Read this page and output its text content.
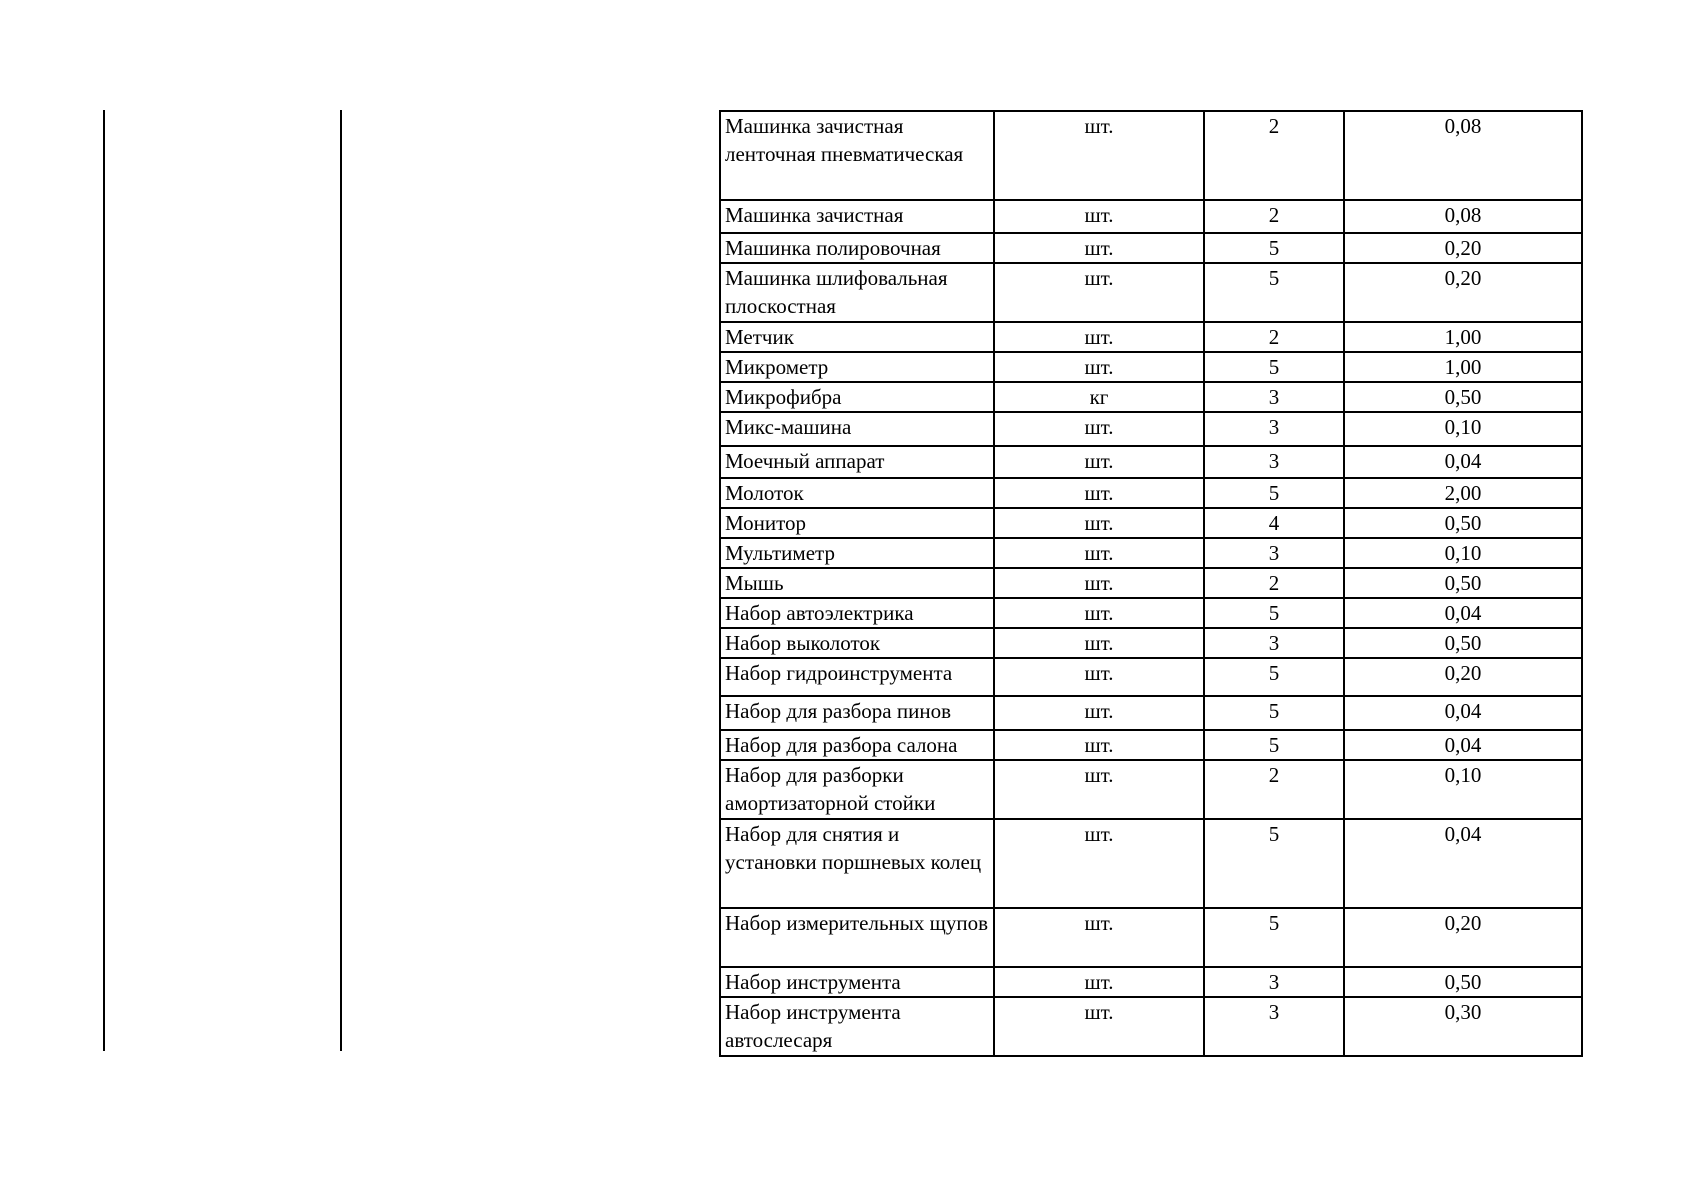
Машинка зачистная ленточная пневматическая	шт.	2	0,08
Машинка зачистная	шт.	2	0,08
Машинка полировочная	шт.	5	0,20
Машинка шлифовальная плоскостная	шт.	5	0,20
Метчик	шт.	2	1,00
Микрометр	шт.	5	1,00
Микрофибра	кг	3	0,50
Микс-машина	шт.	3	0,10
Моечный аппарат	шт.	3	0,04
Молоток	шт.	5	2,00
Монитор	шт.	4	0,50
Мультиметр	шт.	3	0,10
Мышь	шт.	2	0,50
Набор автоэлектрика	шт.	5	0,04
Набор выколоток	шт.	3	0,50
Набор гидроинструмента	шт.	5	0,20
Набор для разбора пинов	шт.	5	0,04
Набор для разбора салона	шт.	5	0,04
Набор для разборки амортизаторной стойки	шт.	2	0,10
Набор для снятия и установки поршневых колец	шт.	5	0,04
Набор измерительных щупов	шт.	5	0,20
Набор инструмента	шт.	3	0,50
Набор инструмента автослесаря	шт.	3	0,30
